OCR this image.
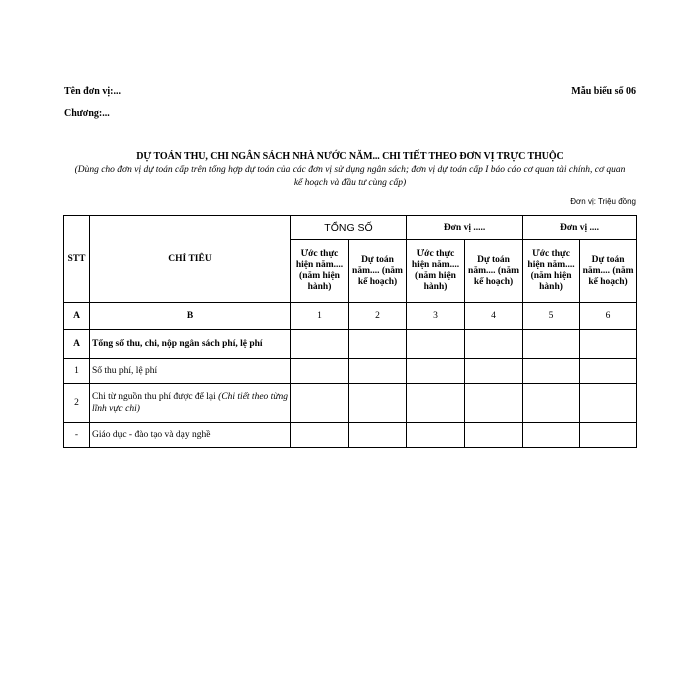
Tên đơn vị:...
Chương:...
Mẫu biểu số 06
DỰ TOÁN THU, CHI NGÂN SÁCH NHÀ NƯỚC NĂM... CHI TIẾT THEO ĐƠN VỊ TRỰC THUỘC
(Dùng cho đơn vị dự toán cấp trên tổng hợp dự toán của các đơn vị sử dụng ngân sách; đơn vị dự toán cấp I báo cáo cơ quan tài chính, cơ quan kế hoạch và đầu tư cùng cấp)
Đơn vị: Triệu đồng
STT	CHỈ TIÊU	TỔNG SỐ		Đơn vị .....		Đơn vị ....	
		Ước thực hiện năm.... (năm hiện hành)	Dự toán năm.... (năm kế hoạch)	Ước thực hiện năm.... (năm hiện hành)	Dự toán năm.... (năm kế hoạch)	Ước thực hiện năm.... (năm hiện hành)	Dự toán năm.... (năm kế hoạch)
A	B	1	2	3	4	5	6
A	Tổng số thu, chi, nộp ngân sách phí, lệ phí						
1	Số thu phí, lệ phí						
2	Chi từ nguồn thu phí được để lại (Chi tiết theo từng lĩnh vực chi)						
-	Giáo dục - đào tạo và dạy nghề						
